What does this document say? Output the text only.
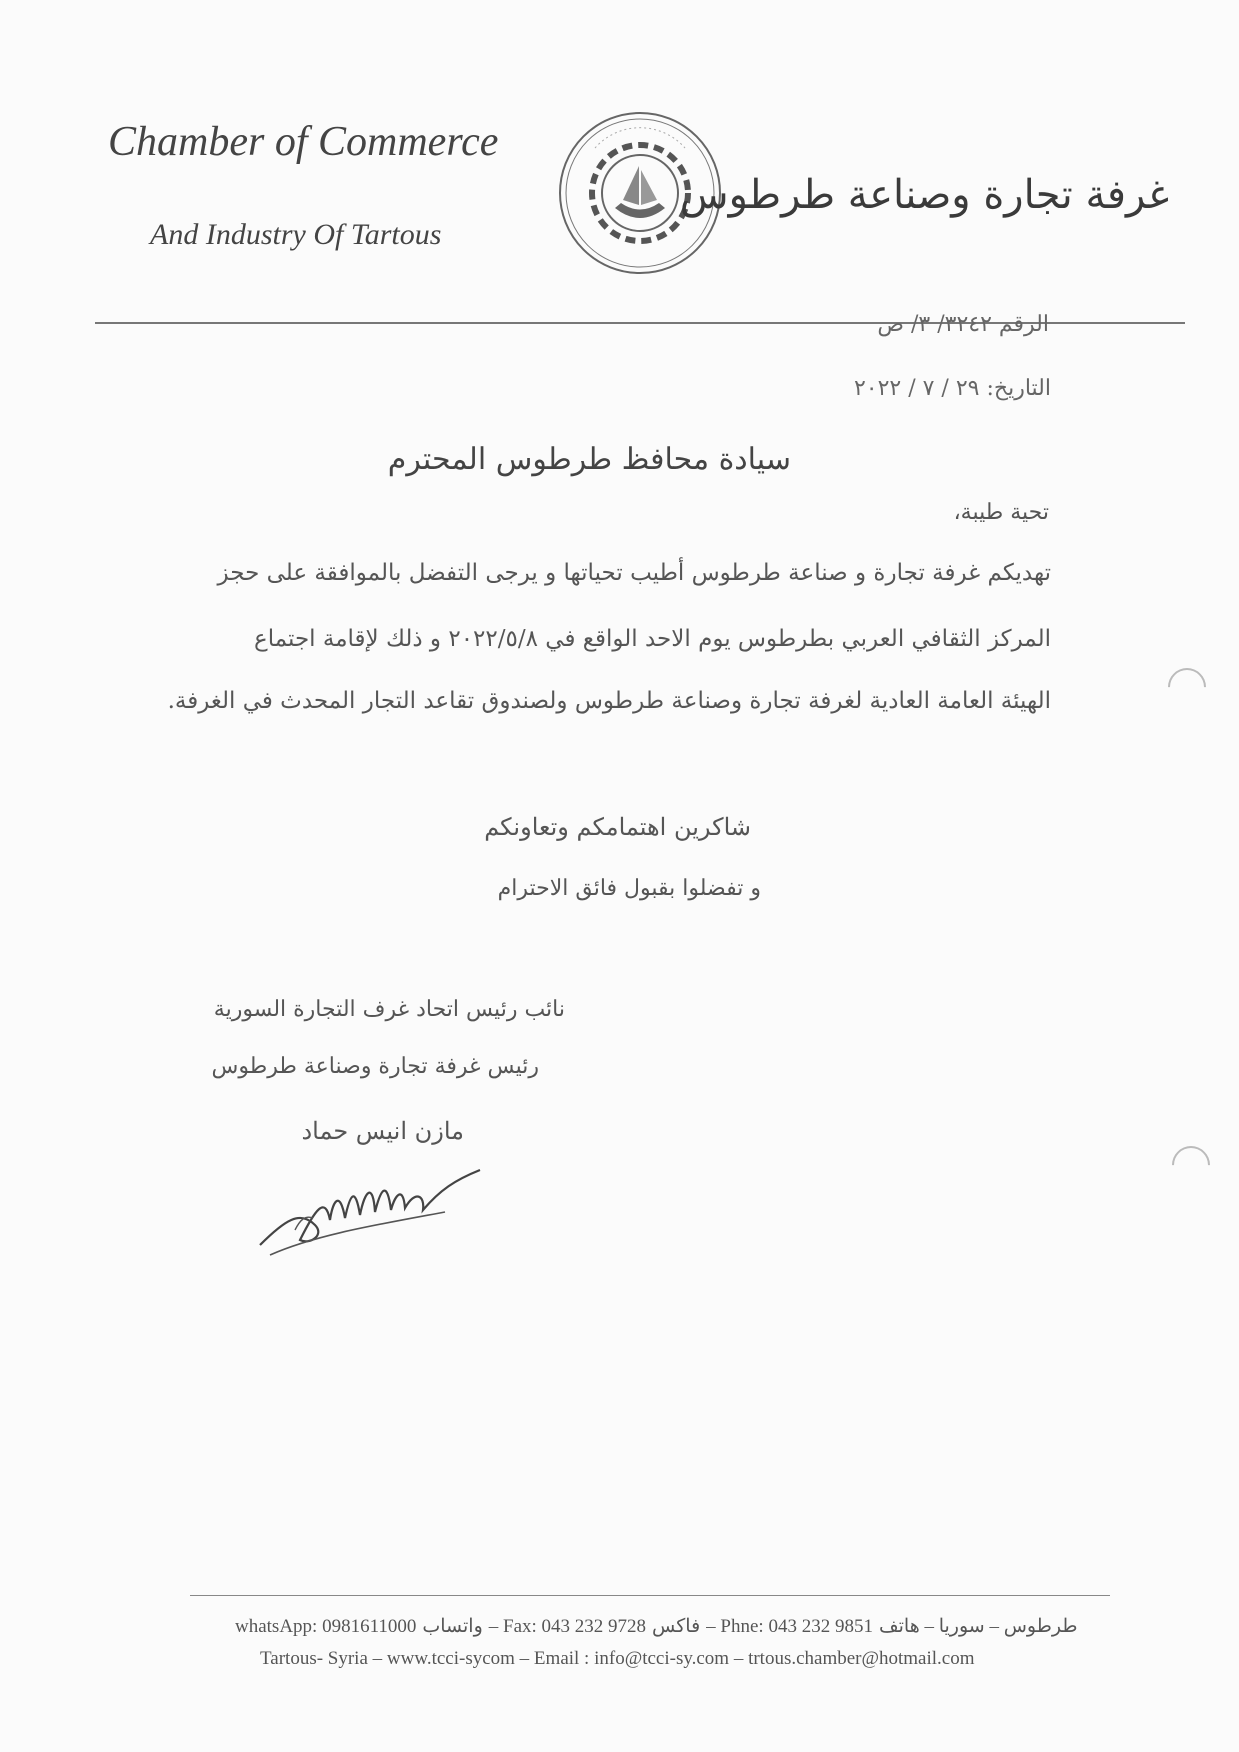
Chamber of Commerce
And Industry Of Tartous
غرفة تجارة وصناعة طرطوس
الرقم ٣٢٤٢/ ٣/ ص
التاريخ: ٢٩ / ٧ / ٢٠٢٢
سيادة محافظ طرطوس المحترم
تحية طيبة،
تهديكم غرفة تجارة و صناعة طرطوس أطيب تحياتها و يرجى التفضل بالموافقة على حجز
المركز الثقافي العربي بطرطوس يوم الاحد الواقع في ٢٠٢٢/٥/٨ و ذلك لإقامة اجتماع
الهيئة العامة العادية لغرفة تجارة وصناعة طرطوس ولصندوق تقاعد التجار المحدث في الغرفة.
شاكرين اهتمامكم وتعاونكم
و تفضلوا بقبول فائق الاحترام
نائب رئيس اتحاد غرف التجارة السورية
رئيس غرفة تجارة وصناعة طرطوس
مازن انيس حماد
whatsApp: 0981611000 واتساب – Fax: 043 232 9728 فاكس – Phne: 043 232 9851 طرطوس – سوريا – هاتف
Tartous- Syria – www.tcci-sycom – Email : info@tcci-sy.com – trtous.chamber@hotmail.com
